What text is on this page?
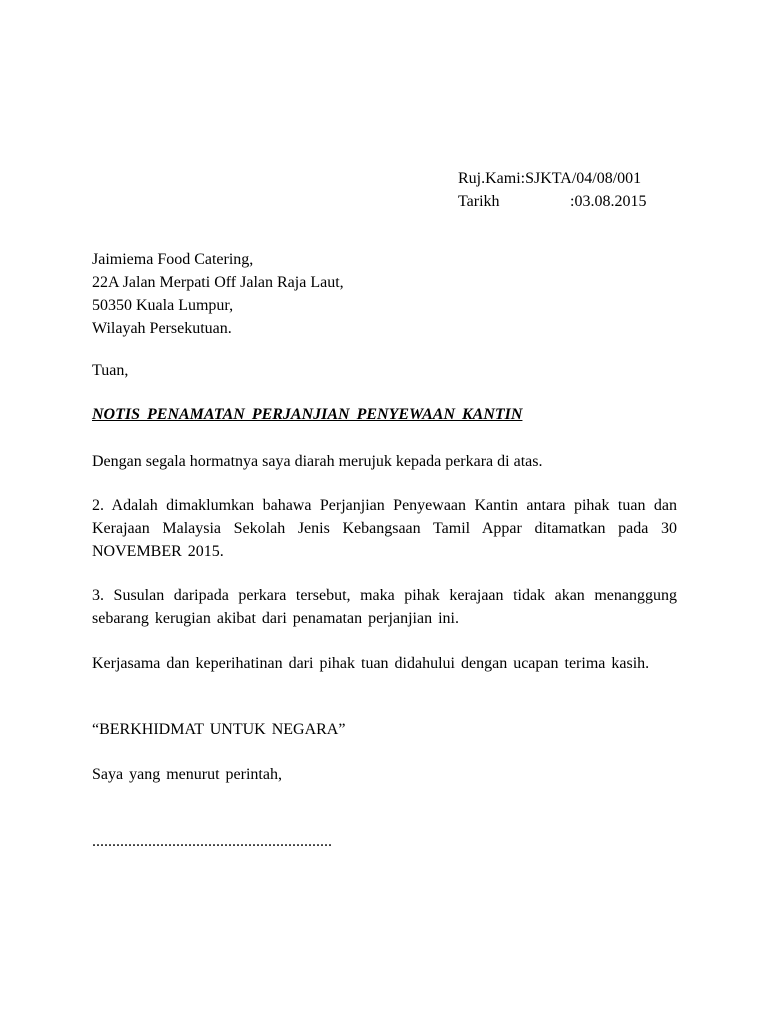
Ruj.Kami:SJKTA/04/08/001
Tarikh	:03.08.2015
Jaimiema Food Catering,
22A Jalan Merpati Off Jalan Raja Laut,
50350 Kuala Lumpur,
Wilayah Persekutuan.
Tuan,
NOTIS PENAMATAN PERJANJIAN PENYEWAAN KANTIN
Dengan segala hormatnya saya diarah merujuk kepada perkara di atas.
2. Adalah dimaklumkan bahawa Perjanjian Penyewaan Kantin antara pihak tuan dan Kerajaan Malaysia Sekolah Jenis Kebangsaan Tamil Appar ditamatkan pada 30 NOVEMBER 2015.
3. Susulan daripada perkara tersebut, maka pihak kerajaan tidak akan menanggung sebarang kerugian akibat dari penamatan perjanjian ini.
Kerjasama dan keperihatinan dari pihak tuan didahului dengan ucapan terima kasih.
“BERKHIDMAT UNTUK NEGARA”
Saya yang menurut perintah,
............................................................
